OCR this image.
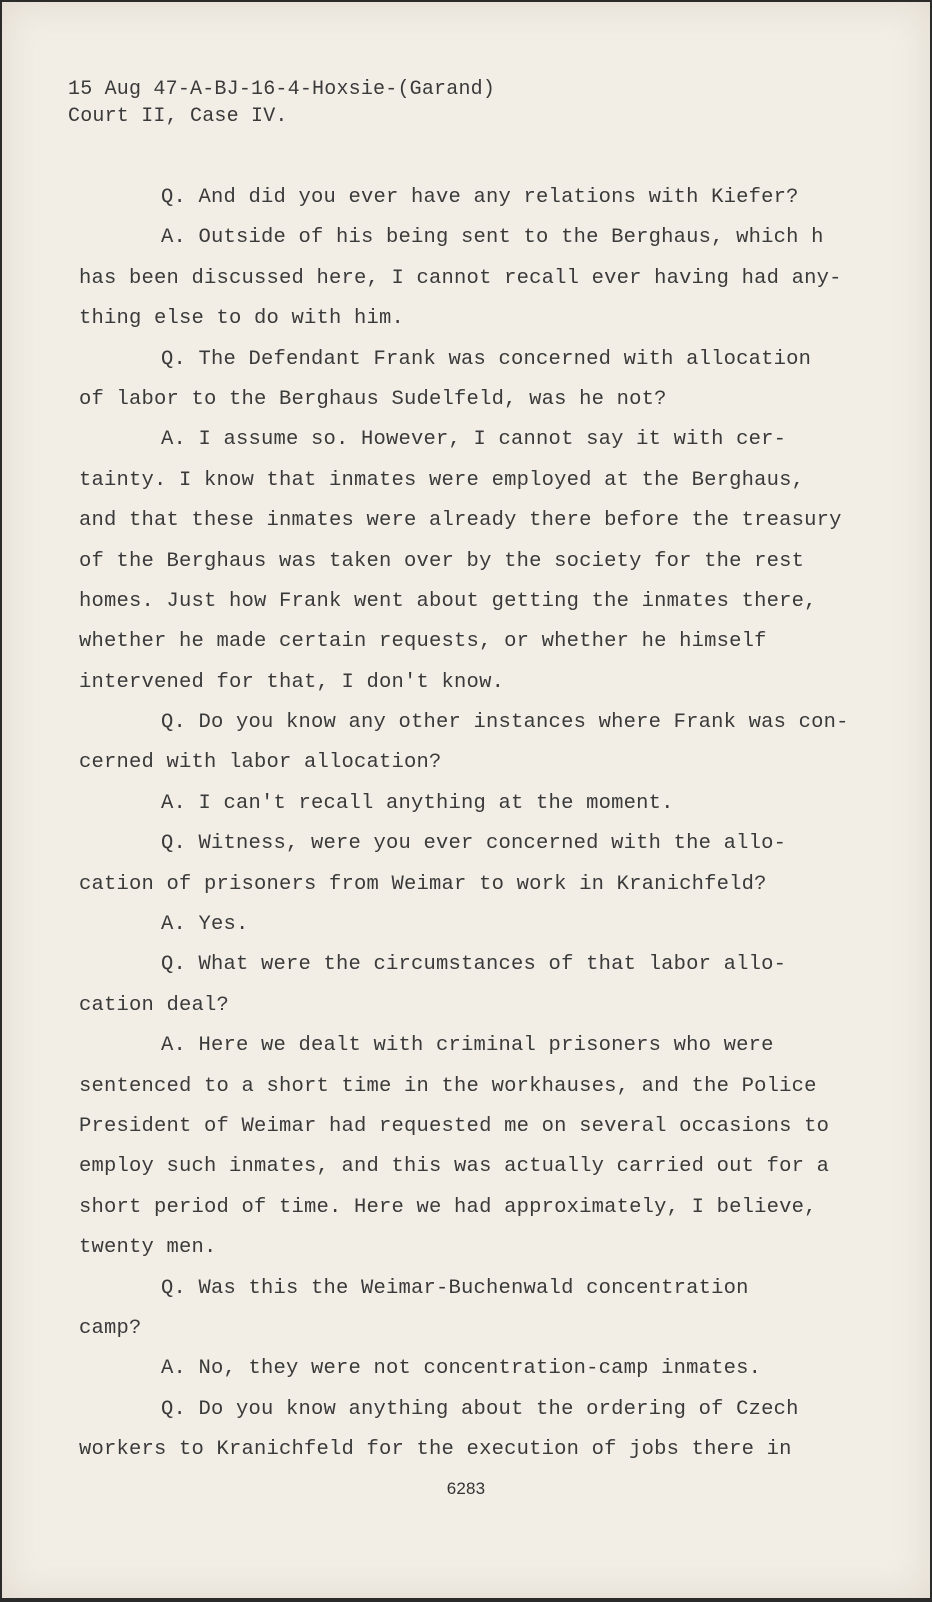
15 Aug 47-A-BJ-16-4-Hoxsie-(Garand)
Court II, Case IV.
Q. And did you ever have any relations with Kiefer?
A. Outside of his being sent to the Berghaus, which h
has been discussed here, I cannot recall ever having had any-
thing else to do with him.
Q. The Defendant Frank was concerned with allocation
of labor to the Berghaus Sudelfeld, was he not?
A. I assume so. However, I cannot say it with cer-
tainty. I know that inmates were employed at the Berghaus,
and that these inmates were already there before the treasury
of the Berghaus was taken over by the society for the rest
homes. Just how Frank went about getting the inmates there,
whether he made certain requests, or whether he himself
intervened for that, I don't know.
Q. Do you know any other instances where Frank was con-
cerned with labor allocation?
A. I can't recall anything at the moment.
Q. Witness, were you ever concerned with the allo-
cation of prisoners from Weimar to work in Kranichfeld?
A. Yes.
Q. What were the circumstances of that labor allo-
cation deal?
A. Here we dealt with criminal prisoners who were
sentenced to a short time in the workhauses, and the Police
President of Weimar had requested me on several occasions to
employ such inmates, and this was actually carried out for a
short period of time. Here we had approximately, I believe,
twenty men.
Q. Was this the Weimar-Buchenwald concentration
camp?
A. No, they were not concentration-camp inmates.
Q. Do you know anything about the ordering of Czech
workers to Kranichfeld for the execution of jobs there in
6283
